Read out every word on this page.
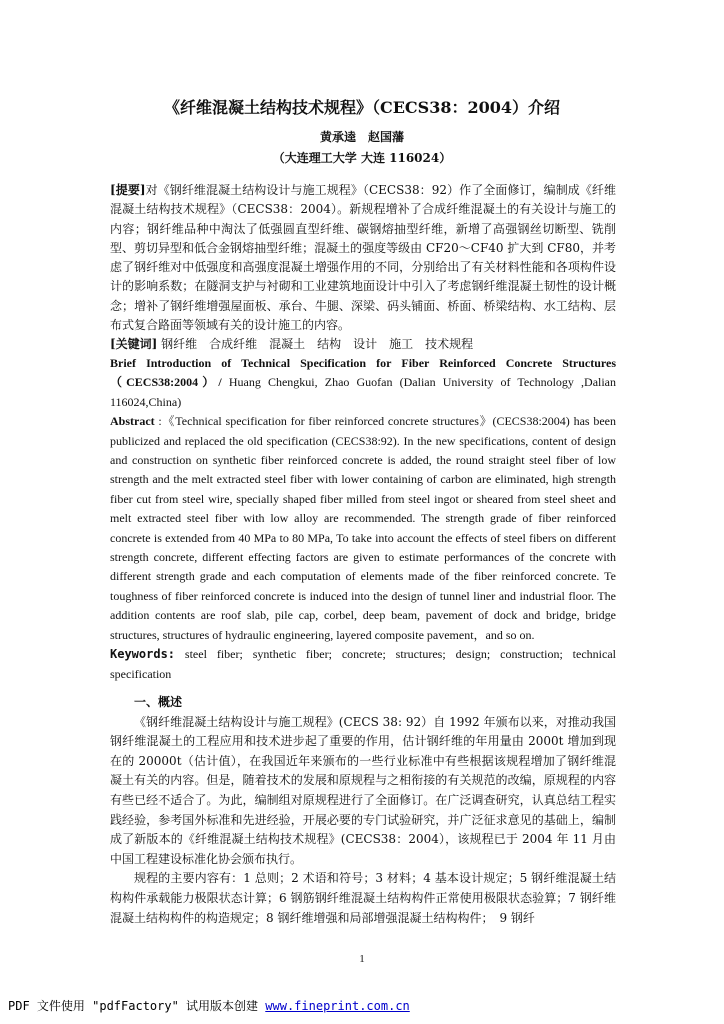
《纤维混凝土结构技术规程》（CECS38：2004）介绍
黄承逵　赵国藩
（大连理工大学 大连 116024）

[提要]对《钢纤维混凝土结构设计与施工规程》（CECS38：92）作了全面修订，编制成《纤维混凝土结构技术规程》（CECS38：2004）。新规程增补了合成纤维混凝土的有关设计与施工的内容；钢纤维品种中淘汰了低强圆直型纤维、碳钢熔抽型纤维，新增了高强钢丝切断型、铣削型、剪切异型和低合金钢熔抽型纤维；混凝土的强度等级由 CF20～CF40 扩大到 CF80，并考虑了钢纤维对中低强度和高强度混凝土增强作用的不同，分别给出了有关材料性能和各项构件设计的影响系数；在隧洞支护与衬砌和工业建筑地面设计中引入了考虑钢纤维混凝土韧性的设计概念；增补了钢纤维增强屋面板、承台、牛腿、深梁、码头铺面、桥面、桥梁结构、水工结构、层布式复合路面等领域有关的设计施工的内容。

[关键词] 钢纤维　合成纤维　混凝土　结构　设计　施工　技术规程

Brief Introduction of Technical Specification for Fiber Reinforced Concrete Structures（CECS38:2004）/ Huang Chengkui, Zhao Guofan (Dalian University of Technology ,Dalian 116024,China)

Abstract :《Technical specification for fiber reinforced concrete structures》(CECS38:2004) has been publicized and replaced the old specification (CECS38:92). In the new specifications, content of design and construction on synthetic fiber reinforced concrete is added, the round straight steel fiber of low strength and the melt extracted steel fiber with lower containing of carbon are eliminated, high strength fiber cut from steel wire, specially shaped fiber milled from steel ingot or sheared from steel sheet and melt extracted steel fiber with low alloy are recommended. The strength grade of fiber reinforced concrete is extended from 40 MPa to 80 MPa, To take into account the effects of steel fibers on different strength concrete, different effecting factors are given to estimate performances of the concrete with different strength grade and each computation of elements made of the fiber reinforced concrete. Te toughness of fiber reinforced concrete is induced into the design of tunnel liner and industrial floor. The addition contents are roof slab, pile cap, corbel, deep beam, pavement of dock and bridge, bridge structures, structures of hydraulic engineering, layered composite pavement，and so on.

Keywords: steel fiber; synthetic fiber; concrete; structures; design; construction; technical specification

一、概述

《钢纤维混凝土结构设计与施工规程》(CECS 38: 92）自 1992 年颁布以来，对推动我国钢纤维混凝土的工程应用和技术进步起了重要的作用，估计钢纤维的年用量由 2000t 增加到现在的 20000t（估计值），在我国近年来颁布的一些行业标准中有些根据该规程增加了钢纤维混凝土有关的内容。但是，随着技术的发展和原规程与之相衔接的有关规范的改编，原规程的内容有些已经不适合了。为此，编制组对原规程进行了全面修订。在广泛调查研究，认真总结工程实践经验，参考国外标准和先进经验，开展必要的专门试验研究，并广泛征求意见的基础上，编制成了新版本的《纤维混凝土结构技术规程》(CECS38：2004），该规程已于 2004 年 11 月由中国工程建设标准化协会颁布执行。

规程的主要内容有：1 总则；2 术语和符号；3 材料；4 基本设计规定；5 钢纤维混凝土结构构件承载能力极限状态计算；6 钢筋钢纤维混凝土结构构件正常使用极限状态验算；7 钢纤维混凝土结构构件的构造规定；8 钢纤维增强和局部增强混凝土结构构件；　9 钢纤

1
PDF 文件使用 "pdfFactory" 试用版本创建 www.fineprint.com.cn
